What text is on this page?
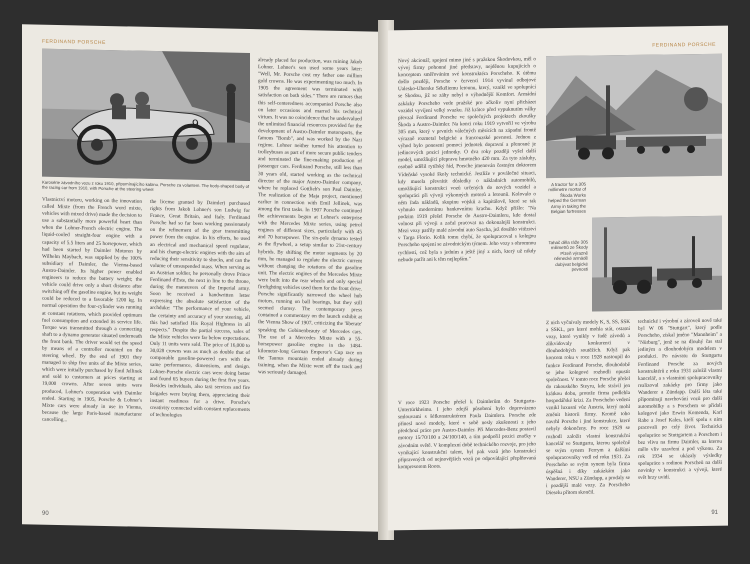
FERDINAND PORSCHE
9
Karosérie závodního vozu z roku 1910, připomínajícího kabinu. Porsche za volantem. The body-shaped body of the racing car from 1910, with Porsche at the steering wheel

Vlastnictví motoru, working on the innovation called Mixte (from the French word mixte, vehicles with mixed drive) made the decision to use a substantially more powerful heart than when the Lohner-French electric engine. The liquid-cooled straight-four engine with a capacity of 5.5 liters and 25 horsepower, which had been started by Daimler Motoren by Wilhelm Maybach, was supplied by the 100% subsidiary of Daimler, the Vienna-based Austro-Daimler. Its higher power enabled engineers to reduce the battery weight; the vehicle could drive only a short distance after switching off the gasoline engine, but its weight could be reduced to a favorable 1200 kg. In normal operation the four-cylinder was running at constant rotations, which provided optimum fuel consumption and extended its service life. Torque was transmitted through a connecting shaft to a dynamo generator situated underneath the front bank. The driver would set the speed by means of a controller mounted on the steering wheel. By the end of 1901 they managed to ship five units of the Mixte series, which were initially purchased by Emil Jellinek and sold to customers at prices starting at 19,000 crowns. After seven units were produced, Lohner's cooperation with Daimler ended. Starting in 1905, Porsche & Lohner's Mixte cars were already in use in Vienna, because the large Paris-based manufacturer cancelling...

the license granted by Daimler) purchased rights from Jakob Lohner's son Ludwig for France, Great Britain, and Italy. Ferdinand Porsche had so far been working passionately on the refinement of the gear transmitting power from the engine. In his efforts, he used an electrical and mechanical speed regulator, and his change-electric engines with the aim of reducing their sensitivity to shocks, and can the volume of unsuspended mass. When serving as an Austrian soldier, he personally drove Prince Ferdinand d'Este, the next in line to the throne, during the maneuvers of the Imperial army. Soon he received a handwritten letter expressing the absolute satisfaction of the archduke: "The performance of your vehicle, the certainty and accuracy of your steering, all this had satisfied His Royal Highness in all respects." Despite the partial success, sales of the Mixte vehicles were far below expectations. Only 11 units were sold. The price of 16,000 to 30,028 crowns was as much as double that of comparable gasoline-powered cars with the same performance, dimensions, and design. Lohner-Porsche electric cars were doing better and found 65 buyers during the first five years. Besides individuals, also taxi services and fire brigades were buying them, appreciating their instant readiness for a drive. Porsche's creativity connected with constant replacements of technologies

already placed for production, was ruining Jakob Lohner. Lohner's son used some years later: "Well, Mr. Porsche cost my father one million gold crowns. He was experimenting too much. In 1905 the agreement was terminated with satisfaction on both sides." There are rumors that this self-centeredness accompanied Porsche also on later occasions and marred his technical virtues. It was no coincidence that he undervalued the unlimited financial resources provided for the development of Austro-Daimler motorsports, the famous "Bomb", and was worked by the Nazi regime. Lohner neither turned his attention to trolleybuses as part of more secure public tenders and terminated the fine-making production of passenger cars. Ferdinand Porsche, still less than 30 years old, started working as the technical director of the major Austro-Daimler company, where he replaced Gottlieb's son Paul Daimler. The realization of the Maja project, mentioned earlier in connection with Emil Jellinek, was among the first tasks. In 1907 Porsche continued the achievements begun at Lohner's enterprise with the Mercedes Mixte series, using petrol engines of different sizes, particularly with 45 and 70 horsepower. The six-pole dynamo tested as the flywheel, a setup similar to 21st-century hybrids. By shifting the motor segments by 20 mm, he managed to regulate the electric current without changing the rotations of the gasoline unit. The electric engines of the Mercedes Mixte were built into the rear wheels and only special firefighting vehicles used them for the front drive. Porsche significantly narrowed the wheel hub motors, running on ball bearings, but they still seemed clumsy. The contemporary press contained a commentary on the launch exhibit at the Vienna Show of 1907, criticizing the 'liberate' speaking the Gobinenbeauty of Mercedes cars. The use of a Mercedes Mixte with a 55-horsepower gasoline engine in the 1484-kilometer-long German Emperor's Cup race on the Taunus mountain ended already during training, when the Mixte went off the track and was seriously damaged.

90
FERDINAND PORSCHE

Nový akcionář, spojení mimo jiné s pražskou Škodovkou, měl o vývoj firmy pohonné jiné představy, nejděnou kupujících o konceptem směřováním své konstruktéra Porscheho. K útěmu došlo později, Porsche v červenci 1914 vyvinul odbojové Ualesko-Uherske Sékéliemu letounu, který, vznikl ve spoluprácí se Skodou, již se záhy nebyl o výhodnější Komfort. Armádní zakázky Porscheho vede pražské pro ačkoliv nyní přicházet vozidel vyvíjení velký svazku. Již krátce před vypuknutím války převzal Ferdinand Porsche ve společných projektech zkoušky Škoda a Austro-Daimler. Na konci roku 1919 vytvořil ve výrobu 305 mm, který v prvních válečných měsících na západní frontě výrazně rozmetal belgické a francouzské pevnosti. Jednou z výhod bylo ponesení pomocí jednotek dopravní a přenosné je jedincových pozicí jednotky. O dva roky později vyšel další model, umožňující přepravu hmotného 420 mm. Za tyto zásluhy, osobně udělil rytířský řád, Porsche jmenován čestným doktorem Vídeňské vysoké školy technické. Jestliže v poválečné situaci, kdy musela převrátit důsledky o nákladních automobilů, umožňující konstrukci vozů určených do nových vozidel a spolupráci při vývoji výkonných motorů a letounů. Kolovalo o něm řada nákladů, skupinu vojsků a kapitálově, které se tak vyhnulo modernímu bankovnímu krachu. Když přišlo: "Na podzim 1919 přešel Porsche do Austro-Daimleru, kde dostal volnost při vývoji a začal pracovat na dokonalejší konstrukci. Mezi vozy patřily malé závodní auto Sascha, jež dosáhlo vítězství v Targa Florio. Kolik tomu chybí, že spolupracoval s kolegou Porscheho spojení se závodnickým týmem. Jeho vozy s ohromnou rychlostí, což byla s jedním a ještě jiný z nich, který už nikdy nebude patřit ani k těm nejlepším."

A tractor for a 305 millimetre mortar of Škoda Works helped the German Army in taking the Belgian fortresses
Tahač děla ráže 305 milimetrů ze Škody Plzeň výrazně německé armádě dobývat belgické pevnosti

V roce 1923 Porsche přešel k Daimlerům do Stuttgartu-Untertürkheimu. I jeho zdejší působení bylo doprovázeno smlouvami s šéfkonstruktérem Paula Daimlera. Porsche zde přinesl nové modely, které v sobě nesly zkušenosti z jeho předchozí práce pro Austro-Daimler. Při Mercedes-Benz postavil motory 15/70/100 a 24/100/140, a tím podpořil pozici značky v závodním světě. V komplexní době technického rozvoje, pro jeho vynikající konstrukční talent, byl pak vozů jeho konstrukcí připravených od nejnovějších vozů po odpovídající přeplňovaná kompresorem Roots.

Z nich vyčnívaly modely K, S, SS, SSK a SSKL, pro které mohla stát, ostatní vozy, které vynikly v řadě závodů a zlikvidovaly konkurenci v dlouhodobých soutěžích. Když pak koncem roku v roce 1928 nastoupil do funkce Ferdinand Porsche, dlouhodobě se jeho kolegové rozhodli opustit společnost. V tomto roce Porsche přešel do rakouského Steyru, kde strávil jen krátkou dobu, protože firma podlehla hospodářské krizi. Za Porscheho vedení vznikl luxusní vůz Austria, který mohl změnit historii firmy. Kromě toho navrhl Porsche i jiné konstrukce, které nebyly dokončeny. Po roce 1929 se rozhodl založit vlastní konstrukční kancelář ve Stuttgartu, kterou společně se svým synem Ferrym a dalšími spolupracovníky vedl od roku 1931. Za Porscheho se svým synem byla firma úspěšná i díky zakázkám jako Wanderer, NSU a Zündapp, a prodaly se i pozdější malé vozy. Za Porscheho Dieselu přitom skončil.

technické i výrobní a zároveň nově také byl W 06 "Stuttgart", který podle Porscheho, získal jméno "Mannheim" a "Nürburg", jenž se na dlouhý čas stal jediným a dlouhodobým modelem v produkci. Po návratu do Stuttgartu Ferdinand Porsche za nových konstruktérů z roku 1931 založil vlastní kancelář, a s vlastními spolupracovníky realizoval zakázky pro firmy jako Wanderer a Zündapp. Další léta také připomínají navrhování vozů pro další automobilky a s Porschem se přidali kolegové jako Erwin Komenda, Karl Rabe a Josef Kales, kteří spolu s ním pracovali po celý život. Technická spolupráce se Stuttgartem a Porschem i bez vlivu na firmu Daimler, na kterou mělo vliv uzavření a pod výkonu. Za rok 1934 se ukázaly výsledky spolupráce s rodinou Porscheů na další novinky v konstrukci a vývoji, které svět brzy uvidí.

91
